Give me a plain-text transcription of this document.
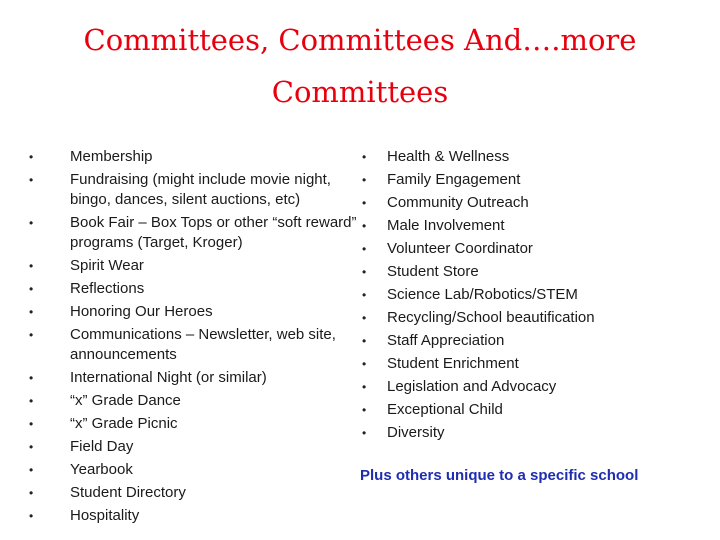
Committees, Committees And….more
Committees
• Membership
• Fundraising (might include movie night, bingo, dances, silent auctions, etc)
• Book Fair – Box Tops or other “soft reward” programs (Target, Kroger)
• Spirit Wear
• Reflections
• Honoring Our Heroes
• Communications – Newsletter, web site, announcements
• International Night (or similar)
• “x” Grade Dance
• “x” Grade Picnic
• Field Day
• Yearbook
• Student Directory
• Hospitality
• Health & Wellness
• Family Engagement
• Community Outreach
• Male Involvement
• Volunteer Coordinator
• Student Store
• Science Lab/Robotics/STEM
• Recycling/School beautification
• Staff Appreciation
• Student Enrichment
• Legislation and Advocacy
• Exceptional Child
• Diversity
Plus others unique to a specific school
